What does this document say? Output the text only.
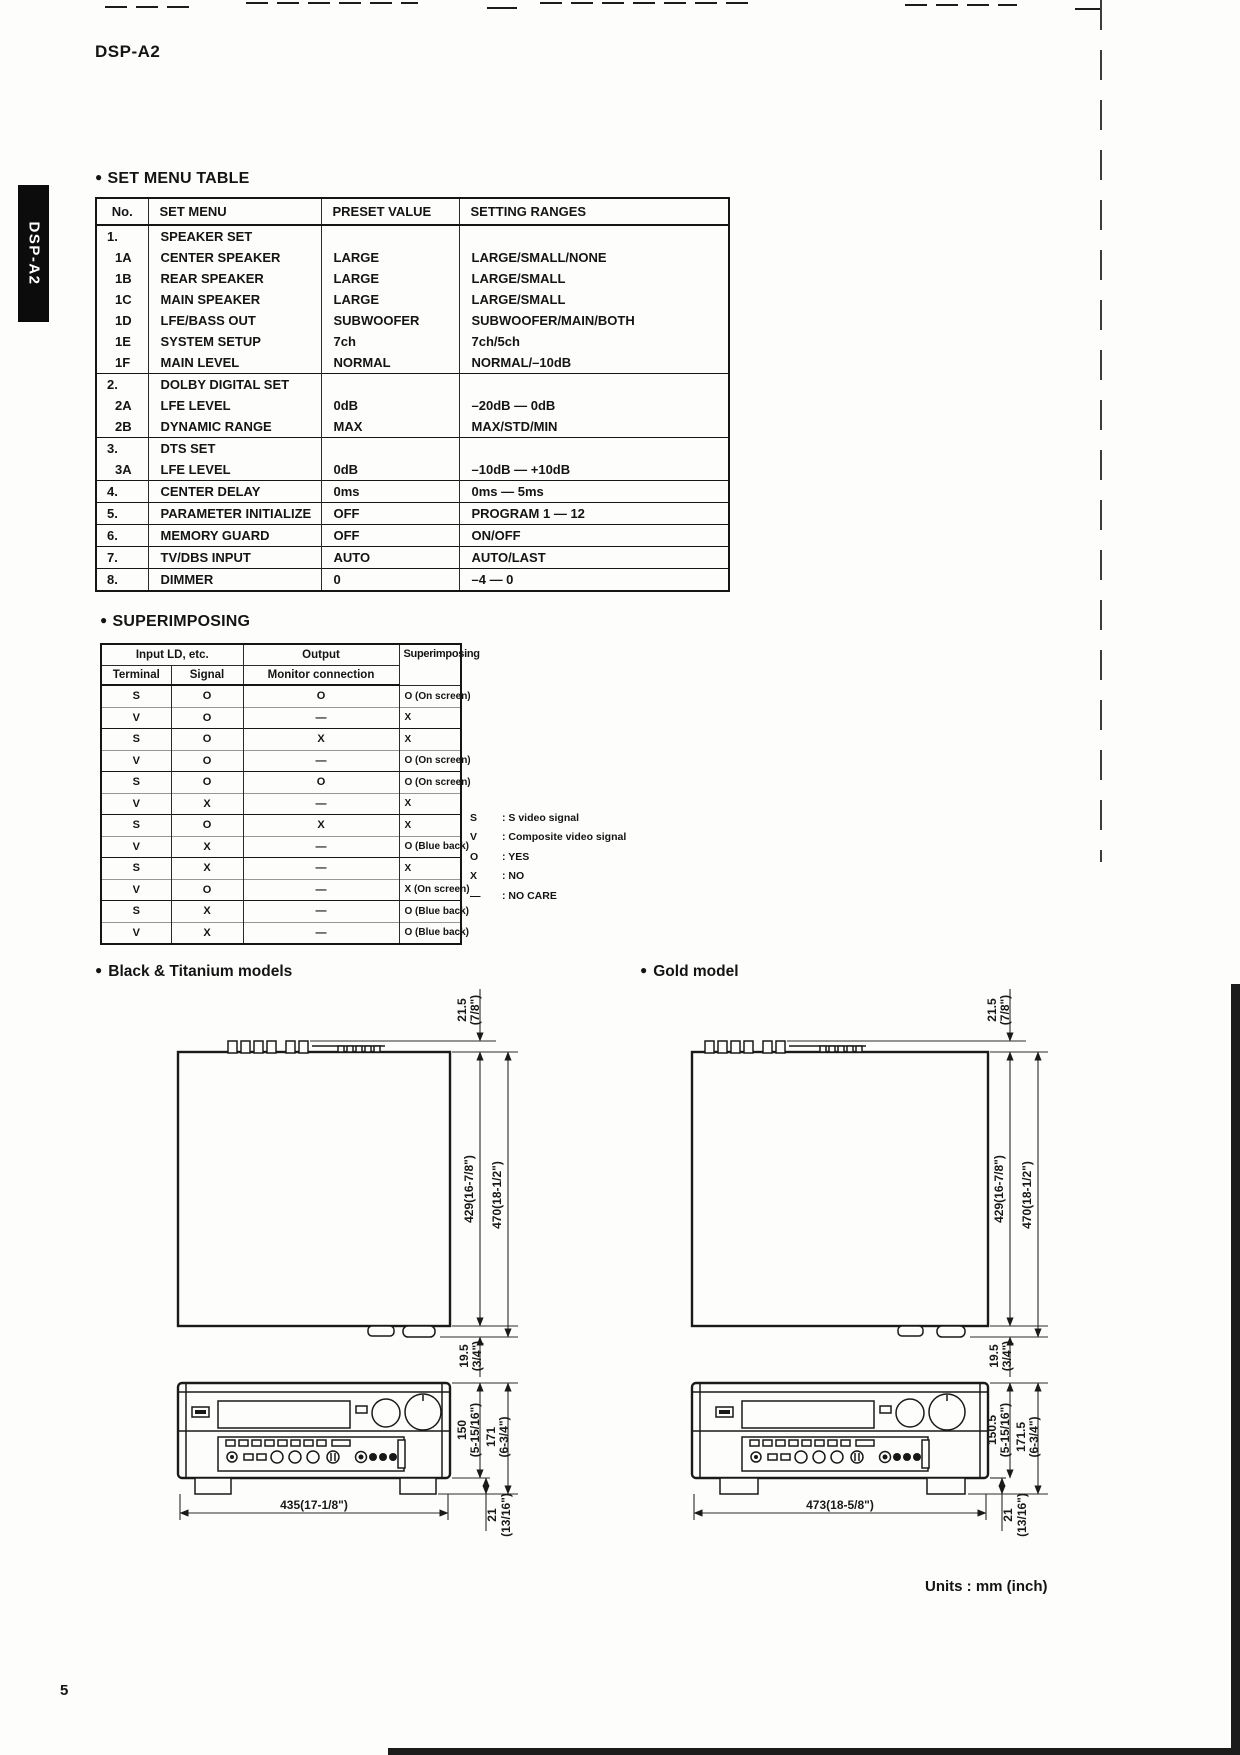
DSP-A2
DSP-A2
● SET MENU TABLE
No.	SET MENU	PRESET VALUE	SETTING RANGES
1.	SPEAKER SET		
1A	CENTER SPEAKER	LARGE	LARGE/SMALL/NONE
1B	REAR SPEAKER	LARGE	LARGE/SMALL
1C	MAIN SPEAKER	LARGE	LARGE/SMALL
1D	LFE/BASS OUT	SUBWOOFER	SUBWOOFER/MAIN/BOTH
1E	SYSTEM SETUP	7ch	7ch/5ch
1F	MAIN LEVEL	NORMAL	NORMAL/–10dB
2.	DOLBY DIGITAL SET		
2A	LFE LEVEL	0dB	–20dB — 0dB
2B	DYNAMIC RANGE	MAX	MAX/STD/MIN
3.	DTS SET		
3A	LFE LEVEL	0dB	–10dB — +10dB
4.	CENTER DELAY	0ms	0ms — 5ms
5.	PARAMETER INITIALIZE	OFF	PROGRAM 1 — 12
6.	MEMORY GUARD	OFF	ON/OFF
7.	TV/DBS INPUT	AUTO	AUTO/LAST
8.	DIMMER	0	–4 — 0
● SUPERIMPOSING
Input LD, etc.		Output	Superimposing
Terminal	Signal	Monitor connection	
S	O	O	O (On screen)
V	O	—	X
S	O	X	X
V	O	—	O (On screen)
S	O	O	O (On screen)
V	X	—	X
S	O	X	X
V	X	—	O (Blue back)
S	X	—	X
V	O	—	X (On screen)
S	X	—	O (Blue back)
V	X	—	O (Blue back)
S	: S video signal
V	: Composite video signal
O	: YES
X	: NO
—	: NO CARE
● Black & Titanium models	● Gold model
21.5 (7/8")
429(16-7/8") 470(18-1/2")
19.5 (3/4")
150 (5-15/16") 171 (6-3/4")
21 (13/16")
435(17-1/8")
21.5 (7/8")
429(16-7/8") 470(18-1/2")
19.5 (3/4")
150.5 (5-15/16") 171.5 (6-3/4")
21 (13/16")
473(18-5/8")
Units : mm (inch)
5
